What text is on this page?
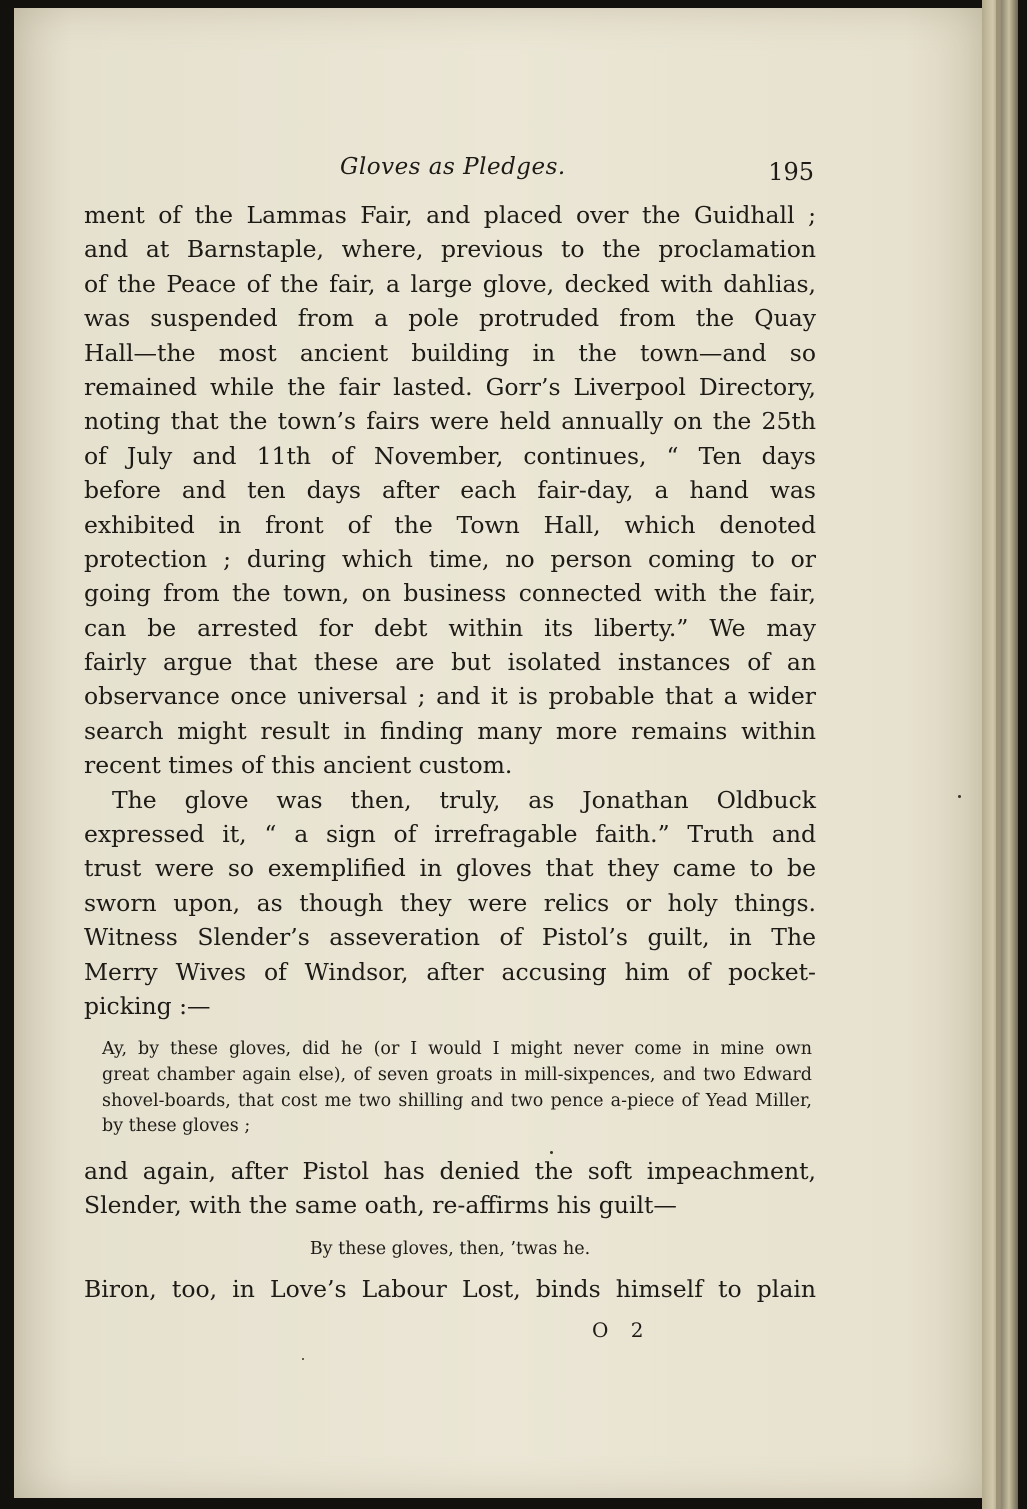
Gloves as Pledges.	195

ment of the Lammas Fair, and placed over the Guidhall ;
and at Barnstaple, where, previous to the proclamation
of the Peace of the fair, a large glove, decked with dahlias,
was suspended from a pole protruded from the Quay
Hall—the most ancient building in the town—and so
remained while the fair lasted. Gorr’s Liverpool Directory,
noting that the town’s fairs were held annually on the 25th
of July and 11th of November, continues, “ Ten days
before and ten days after each fair-day, a hand was
exhibited in front of the Town Hall, which denoted
protection ; during which time, no person coming to or
going from the town, on business connected with the fair,
can be arrested for debt within its liberty.” We may
fairly argue that these are but isolated instances of an
observance once universal ; and it is probable that a wider
search might result in finding many more remains within
recent times of this ancient custom.

The glove was then, truly, as Jonathan Oldbuck
expressed it, “ a sign of irrefragable faith.” Truth and
trust were so exemplified in gloves that they came to be
sworn upon, as though they were relics or holy things.
Witness Slender’s asseveration of Pistol’s guilt, in The
Merry Wives of Windsor, after accusing him of pocket-
picking :—

Ay, by these gloves, did he (or I would I might never come in mine own
great chamber again else), of seven groats in mill-sixpences, and two Edward
shovel-boards, that cost me two shilling and two pence a-piece of Yead Miller,
by these gloves ;

and again, after Pistol has denied the soft impeachment,
Slender, with the same oath, re-affirms his guilt—

By these gloves, then, ’twas he.

Biron, too, in Love’s Labour Lost, binds himself to plain

O 2
